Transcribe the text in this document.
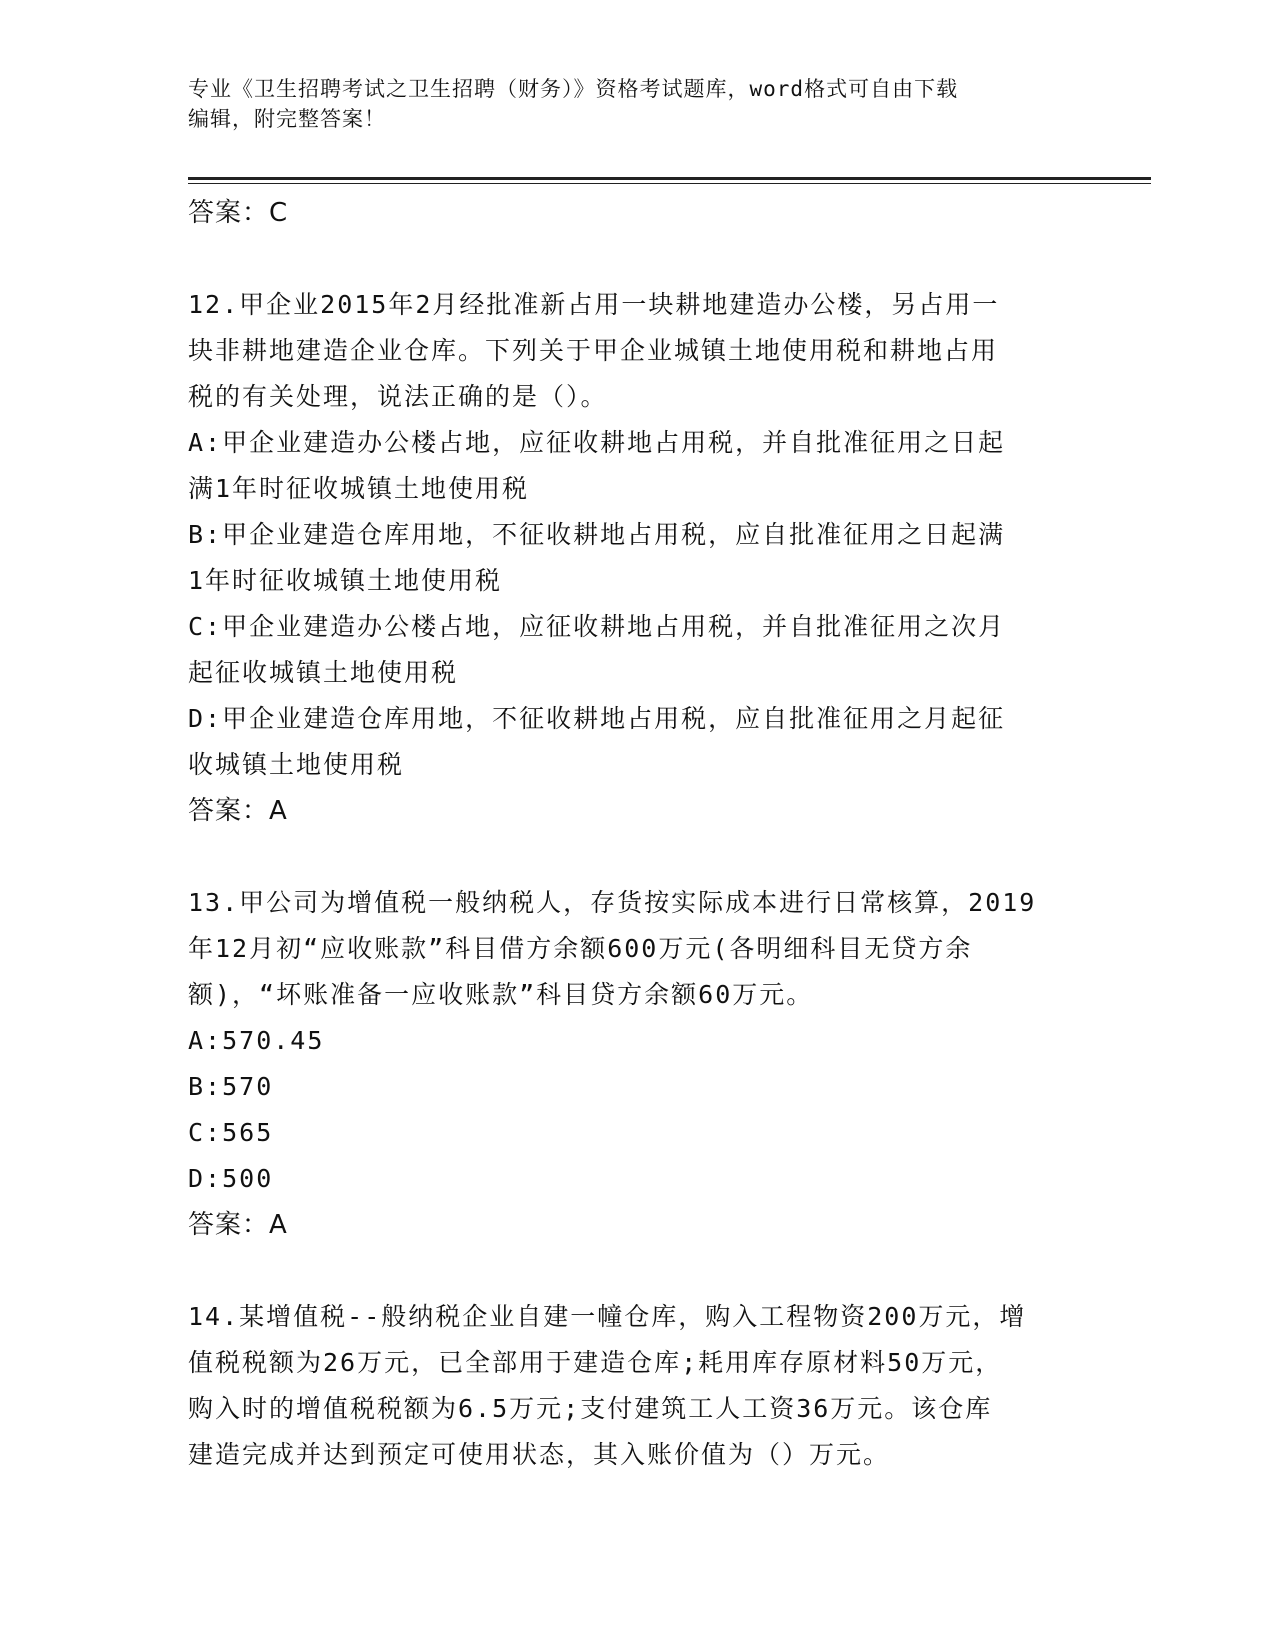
专业《卫生招聘考试之卫生招聘（财务）》资格考试题库，word格式可自由下载
编辑，附完整答案！
答案：C
12.甲企业2015年2月经批准新占用一块耕地建造办公楼，另占用一
块非耕地建造企业仓库。下列关于甲企业城镇土地使用税和耕地占用
税的有关处理，说法正确的是（）。
A:甲企业建造办公楼占地，应征收耕地占用税，并自批准征用之日起
满1年时征收城镇土地使用税
B:甲企业建造仓库用地，不征收耕地占用税，应自批准征用之日起满
1年时征收城镇土地使用税
C:甲企业建造办公楼占地，应征收耕地占用税，并自批准征用之次月
起征收城镇土地使用税
D:甲企业建造仓库用地，不征收耕地占用税，应自批准征用之月起征
收城镇土地使用税
答案：A
13.甲公司为增值税一般纳税人，存货按实际成本进行日常核算，2019
年12月初“应收账款”科目借方余额600万元(各明细科目无贷方余
额)，“坏账准备一应收账款”科目贷方余额60万元。
A:570.45
B:570
C:565
D:500
答案：A
14.某增值税--般纳税企业自建一幢仓库，购入工程物资200万元，增
值税税额为26万元，已全部用于建造仓库;耗用库存原材料50万元，
购入时的增值税税额为6.5万元;支付建筑工人工资36万元。该仓库
建造完成并达到预定可使用状态，其入账价值为（）万元。
